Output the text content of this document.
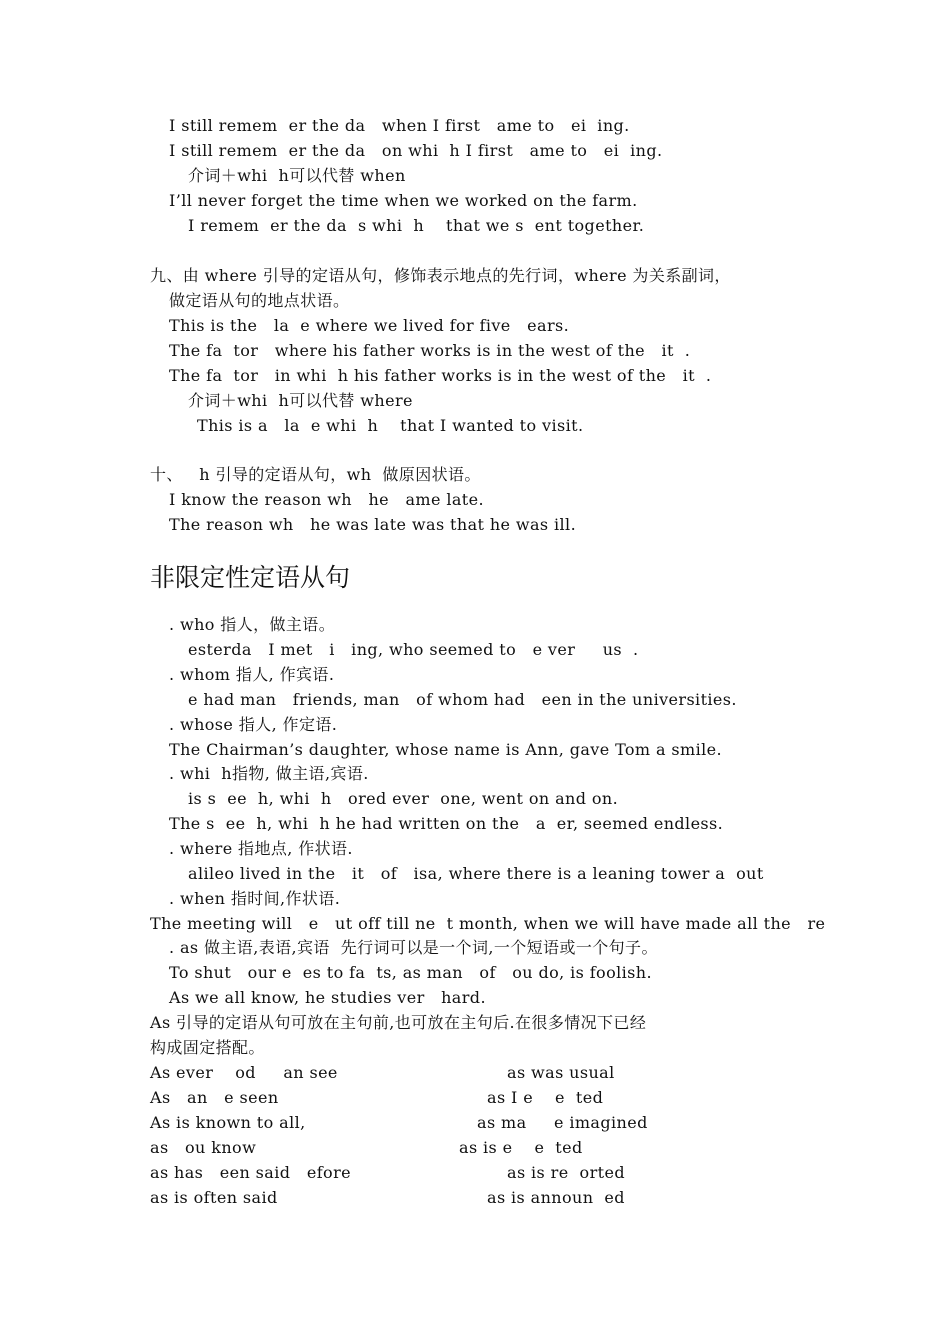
I still remem  er the da   when I first   ame to   ei  ing.
I still remem  er the da   on whi  h I first   ame to   ei  ing.
介词＋whi  h可以代替 when
I’ll never forget the time when we worked on the farm.
I remem  er the da  s whi  h    that we s  ent together.
九、由 where 引导的定语从句，修饰表示地点的先行词，where 为关系副词，
做定语从句的地点状语。
This is the   la  e where we lived for five   ears.
The fa  tor   where his father works is in the west of the   it  .
The fa  tor   in whi  h his father works is in the west of the   it  .
介词＋whi  h可以代替 where
This is a   la  e whi  h    that I wanted to visit.
十、   h 引导的定语从句，wh  做原因状语。
I know the reason wh   he   ame late.
The reason wh   he was late was that he was ill.
非限定性定语从句
. who 指人，做主语。
esterda   I met   i   ing, who seemed to   e ver     us  .
. whom 指人, 作宾语.
e had man   friends, man   of whom had   een in the universities.
. whose 指人, 作定语.
The Chairman’s daughter, whose name is Ann, gave Tom a smile.
. whi  h指物, 做主语,宾语.
is s  ee  h, whi  h   ored ever  one, went on and on.
The s  ee  h, whi  h he had written on the   a  er, seemed endless.
. where 指地点, 作状语.
alileo lived in the   it   of   isa, where there is a leaning tower a  out
. when 指时间,作状语.
The meeting will   e   ut off till ne  t month, when we will have made all the   re
. as 做主语,表语,宾语  先行词可以是一个词,一个短语或一个句子。
To shut   our e  es to fa  ts, as man   of   ou do, is foolish.
As we all know, he studies ver   hard.
As 引导的定语从句可放在主句前,也可放在主句后.在很多情况下已经
构成固定搭配。
As ever    od     an see	as was usual
As   an   e seen	as I e    e  ted
As is known to all,	as ma     e imagined
as   ou know	as is e    e  ted
as has   een said   efore	as is re  orted
as is often said	as is announ  ed
